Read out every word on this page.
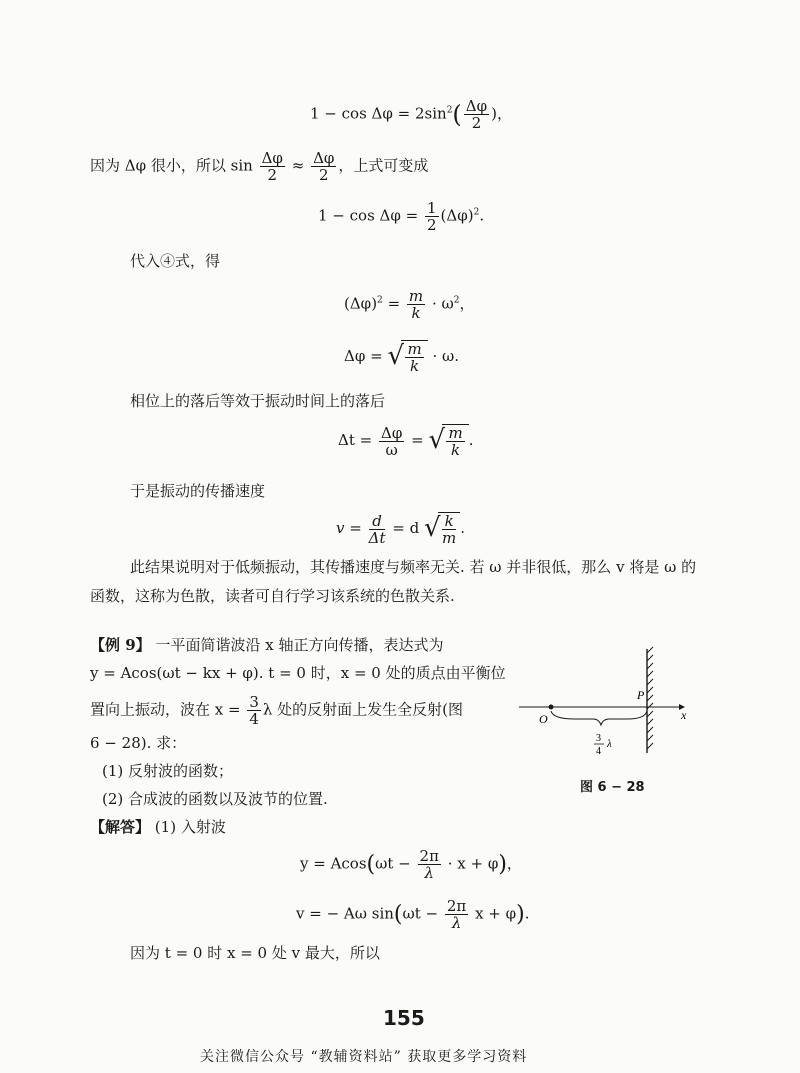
$1 - \cos \Delta\varphi = 2\sin^2( \frac{\Delta\varphi}{2}$ )，
因为 Δφ 很小，所以 $\sin \frac{\Delta\varphi}{2} \approx \frac{\Delta\varphi}{2}$ ，上式可变成
$1 - \cos \Delta\varphi = \frac{1}{2} (\Delta\varphi)^2$.
代入④式，得
$(\Delta\varphi)^2 = \frac{m}{k} \cdot \omega^2$，
Δφ = √ $\frac{m}{k} \cdot \omega$.
相位上的落后等效于振动时间上的落后
$\Delta t = \frac{\Delta\varphi}{\omega}$ = √ $\frac{m}{k}$ .
于是振动的传播速度
$v = \frac{d}{\Delta t} = d$ √ $\frac{k}{m}$ .
此结果说明对于低频振动，其传播速度与频率无关. 若 ω 并非很低，那么 v 将是 ω 的
函数，这称为色散，读者可自行学习该系统的色散关系.
【例 9】 一平面简谐波沿 x 轴正方向传播，表达式为
y = Acos(ωt − kx + φ). t = 0 时，x = 0 处的质点由平衡位
置向上振动，波在 $x = \frac{3}{4}$ λ 处的反射面上发生全反射(图
6 − 28). 求：
(1) 反射波的函数；
(2) 合成波的函数以及波节的位置.
P
O	x
3
4
λ
图 6 − 28
【解答】 (1) 入射波
$y = Acos(\omega t - \frac{2\pi}{\lambda} \cdot x + \varphi)$，
v = − Aω $\sin(\omega t - \frac{2\pi}{\lambda}$ x + φ).
因为 t = 0 时 x = 0 处 v 最大，所以
155
关注微信公众号 “教辅资料站” 获取更多学习资料
